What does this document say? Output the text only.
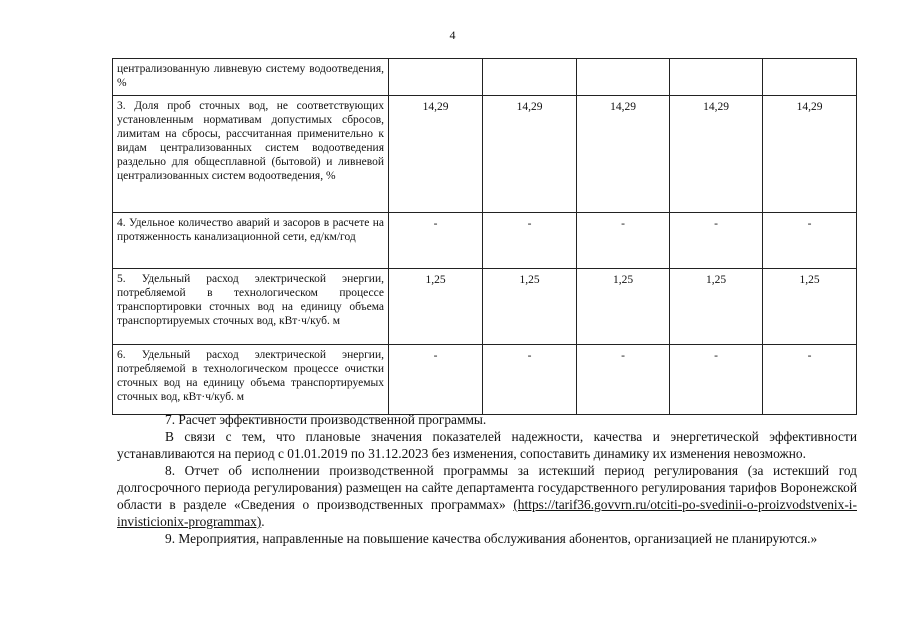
4
централизованную ливневую систему водоотведения, %					
3. Доля проб сточных вод, не соответствующих установленным нормативам допустимых сбросов, лимитам на сбросы, рассчитанная применительно к видам централизованных систем водоотведения раздельно для общесплавной (бытовой) и ливневой централизованных систем водоотведения, %	14,29	14,29	14,29	14,29	14,29
4. Удельное количество аварий и засоров в расчете на протяженность канализационной сети, ед/км/год	-	-	-	-	-
5. Удельный расход электрической энергии, потребляемой в технологическом процессе транспортировки сточных вод на единицу объема транспортируемых сточных вод, кВт·ч/куб. м	1,25	1,25	1,25	1,25	1,25
6. Удельный расход электрической энергии, потребляемой в технологическом процессе очистки сточных вод на единицу объема транспортируемых сточных вод, кВт·ч/куб. м	-	-	-	-	-

7. Расчет эффективности производственной программы.

В связи с тем, что плановые значения показателей надежности, качества и энергетической эффективности устанавливаются на период с 01.01.2019 по 31.12.2023 без изменения, сопоставить динамику их изменения невозможно.

8. Отчет об исполнении производственной программы за истекший период регулирования (за истекший год долгосрочного периода регулирования) размещен на сайте департамента государственного регулирования тарифов Воронежской области в разделе «Сведения о производственных программах» (https://tarif36.govvrn.ru/otciti-po-svedinii-o-proizvodstvenix-i-invisticionix-programmax).

9. Мероприятия, направленные на повышение качества обслуживания абонентов, организацией не планируются.»
